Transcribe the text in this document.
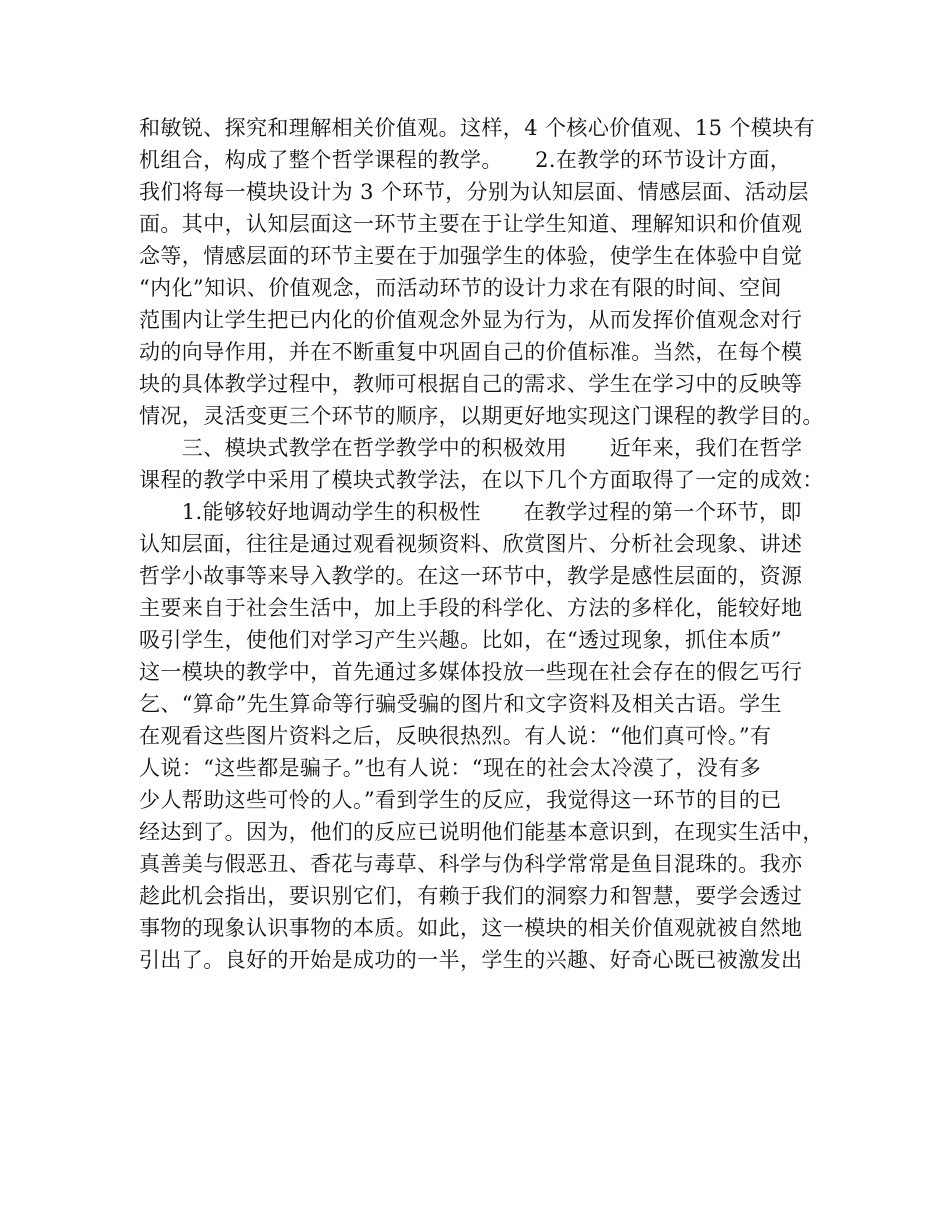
和敏锐、探究和理解相关价值观。这样，4 个核心价值观、15 个模块有
机组合，构成了整个哲学课程的教学。　　2.在教学的环节设计方面，
我们将每一模块设计为 3 个环节，分别为认知层面、情感层面、活动层
面。其中，认知层面这一环节主要在于让学生知道、理解知识和价值观
念等，情感层面的环节主要在于加强学生的体验，使学生在体验中自觉
“内化”知识、价值观念，而活动环节的设计力求在有限的时间、空间
范围内让学生把已内化的价值观念外显为行为，从而发挥价值观念对行
动的向导作用，并在不断重复中巩固自己的价值标准。当然，在每个模
块的具体教学过程中，教师可根据自己的需求、学生在学习中的反映等
情况，灵活变更三个环节的顺序，以期更好地实现这门课程的教学目的。
　　三、模块式教学在哲学教学中的积极效用　　近年来，我们在哲学
课程的教学中采用了模块式教学法，在以下几个方面取得了一定的成效：
　　1.能够较好地调动学生的积极性　　在教学过程的第一个环节，即
认知层面，往往是通过观看视频资料、欣赏图片、分析社会现象、讲述
哲学小故事等来导入教学的。在这一环节中，教学是感性层面的，资源
主要来自于社会生活中，加上手段的科学化、方法的多样化，能较好地
吸引学生，使他们对学习产生兴趣。比如，在“透过现象，抓住本质”
这一模块的教学中，首先通过多媒体投放一些现在社会存在的假乞丐行
乞、“算命”先生算命等行骗受骗的图片和文字资料及相关古语。学生
在观看这些图片资料之后，反映很热烈。有人说：“他们真可怜。”有
人说：“这些都是骗子。”也有人说：“现在的社会太冷漠了，没有多
少人帮助这些可怜的人。”看到学生的反应，我觉得这一环节的目的已
经达到了。因为，他们的反应已说明他们能基本意识到，在现实生活中，
真善美与假恶丑、香花与毒草、科学与伪科学常常是鱼目混珠的。我亦
趁此机会指出，要识别它们，有赖于我们的洞察力和智慧，要学会透过
事物的现象认识事物的本质。如此，这一模块的相关价值观就被自然地
引出了。良好的开始是成功的一半，学生的兴趣、好奇心既已被激发出
